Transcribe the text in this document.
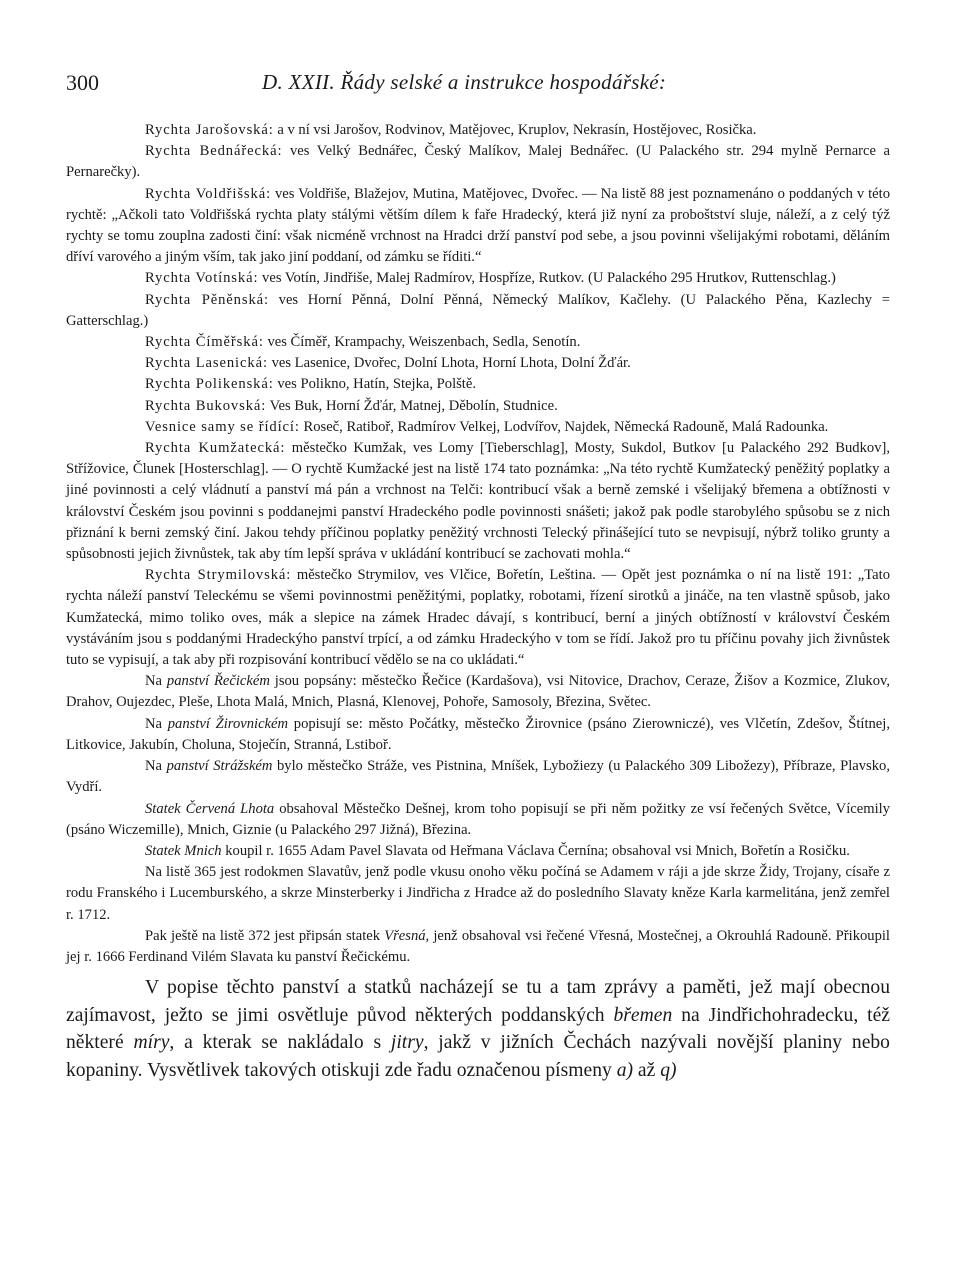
300	D. XXII. Řády selské a instrukce hospodářské:

Rychta Jarošovská: a v ní vsi Jarošov, Rodvinov, Matějovec, Kruplov, Nekrasín, Hostějovec, Rosička.

Rychta Bednářecká: ves Velký Bednářec, Český Malíkov, Malej Bednářec. (U Palackého str. 294 mylně Pernarce a Pernarečky).

Rychta Voldřišská: ves Voldřiše, Blažejov, Mutina, Matějovec, Dvořec. — Na listě 88 jest poznamenáno o poddaných v této rychtě: „Ačkoli tato Voldřišská rychta platy stálými větším dílem k faře Hradecký, která již nyní za proboštství sluje, náleží, a z celý týž rychty se tomu zouplna zadosti činí: však nicméně vrchnost na Hradci drží panství pod sebe, a jsou povinni všelijakými robotami, děláním dříví varového a jiným vším, tak jako jiní poddaní, od zámku se říditi.“

Rychta Votínská: ves Votín, Jindřiše, Malej Radmírov, Hospříze, Rutkov. (U Palackého 295 Hrutkov, Ruttenschlag.)

Rychta Pěněnská: ves Horní Pěnná, Dolní Pěnná, Německý Malíkov, Kačlehy. (U Palackého Pěna, Kazlechy = Gatterschlag.)

Rychta Číměřská: ves Číměř, Krampachy, Weiszenbach, Sedla, Senotín.

Rychta Lasenická: ves Lasenice, Dvořec, Dolní Lhota, Horní Lhota, Dolní Žďár.

Rychta Polikenská: ves Polikno, Hatín, Stejka, Polště.

Rychta Bukovská: Ves Buk, Horní Žďár, Matnej, Děbolín, Studnice.

Vesnice samy se řídící: Roseč, Ratiboř, Radmírov Velkej, Lodvířov, Najdek, Německá Radouně, Malá Radounka.

Rychta Kumžatecká: městečko Kumžak, ves Lomy [Tieberschlag], Mosty, Sukdol, Butkov [u Palackého 292 Budkov], Střížovice, Člunek [Hosterschlag]. — O rychtě Kumžacké jest na listě 174 tato poznámka: „Na této rychtě Kumžatecký peněžitý poplatky a jiné povinnosti a celý vládnutí a panství má pán a vrchnost na Telči: kontribucí však a berně zemské i všelijaký břemena a obtížnosti v království Českém jsou povinni s poddanejmi panství Hradeckého podle povinnosti snášeti; jakož pak podle starobylého spůsobu se z nich přiznání k berni zemský činí. Jakou tehdy příčinou poplatky peněžitý vrchnosti Telecký přinášející tuto se nevpisují, nýbrž toliko grunty a spůsobnosti jejich živnůstek, tak aby tím lepší správa v ukládání kontribucí se zachovati mohla.“

Rychta Strymilovská: městečko Strymilov, ves Vlčice, Bořetín, Leština. — Opět jest poznámka o ní na listě 191: „Tato rychta náleží panství Teleckému se všemi povinnostmi peněžitými, poplatky, robotami, řízení sirotků a jináče, na ten vlastně spůsob, jako Kumžatecká, mimo toliko oves, mák a slepice na zámek Hradec dávají, s kontribucí, berní a jiných obtížností v království Českém vystáváním jsou s poddanými Hradeckýho panství trpící, a od zámku Hradeckýho v tom se řídí. Jakož pro tu příčinu povahy jich živnůstek tuto se vypisují, a tak aby při rozpisování kontribucí vědělo se na co ukládati.“

Na panství Řečickém jsou popsány: městečko Řečice (Kardašova), vsi Nitovice, Drachov, Ceraze, Žišov a Kozmice, Zlukov, Drahov, Oujezdec, Pleše, Lhota Malá, Mnich, Plasná, Klenovej, Pohoře, Samosoly, Březina, Světec.

Na panství Žirovnickém popisují se: město Počátky, městečko Žirovnice (psáno Zierowniczé), ves Vlčetín, Zdešov, Štítnej, Litkovice, Jakubín, Choluna, Stoječín, Stranná, Lstiboř.

Na panství Strážském bylo městečko Stráže, ves Pistnina, Mníšek, Lybožiezy (u Palackého 309 Libožezy), Příbraze, Plavsko, Vydří.

Statek Červená Lhota obsahoval Městečko Dešnej, krom toho popisují se při něm požitky ze vsí řečených Světce, Vícemily (psáno Wiczemille), Mnich, Giznie (u Palackého 297 Jižná), Březina.

Statek Mnich koupil r. 1655 Adam Pavel Slavata od Heřmana Václava Černína; obsahoval vsi Mnich, Bořetín a Rosičku.

Na listě 365 jest rodokmen Slavatův, jenž podle vkusu onoho věku počíná se Adamem v ráji a jde skrze Židy, Trojany, císaře z rodu Franského i Lucemburského, a skrze Minsterberky i Jindřicha z Hradce až do posledního Slavaty kněze Karla karmelitána, jenž zemřel r. 1712.

Pak ještě na listě 372 jest připsán statek Vřesná, jenž obsahoval vsi řečené Vřesná, Mostečnej, a Okrouhlá Radouně. Přikoupil jej r. 1666 Ferdinand Vilém Slavata ku panství Řečickému.

V popise těchto panství a statků nacházejí se tu a tam zprávy a paměti, jež mají obecnou zajímavost, ježto se jimi osvětluje původ některých poddanských břemen na Jindřichohradecku, též některé míry, a kterak se nakládalo s jitry, jakž v jižních Čechách nazývali novější planiny nebo kopaniny. Vysvětlivek takových otiskuji zde řadu označenou písmeny a) až q)
